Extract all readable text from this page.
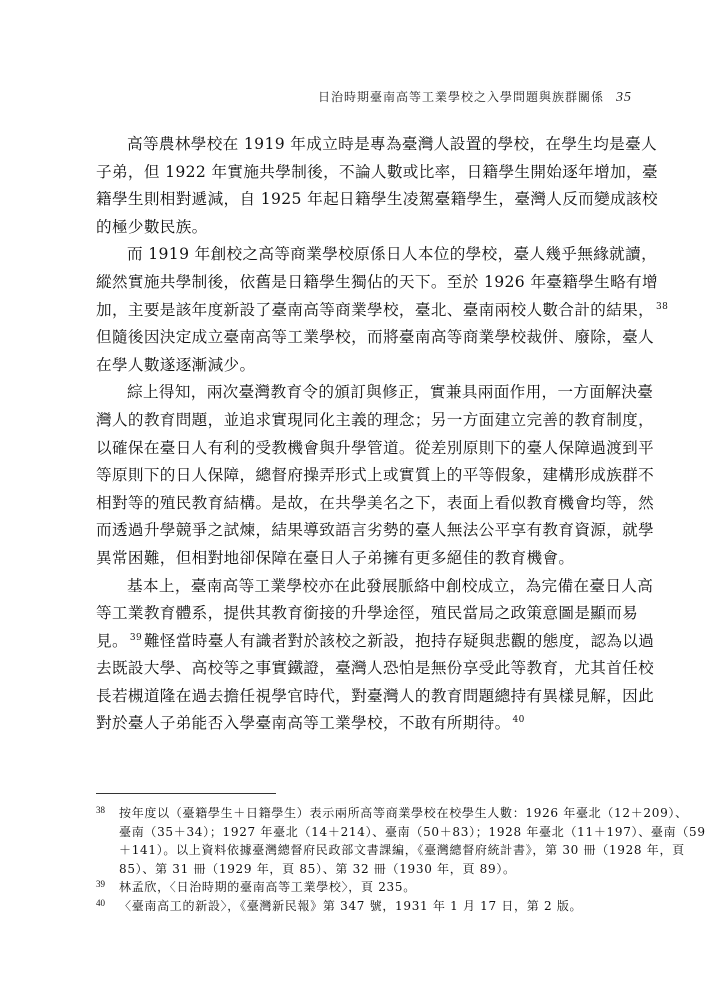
日治時期臺南高等工業學校之入學問題與族群關係 35
高等農林學校在 1919 年成立時是專為臺灣人設置的學校，在學生均是臺人
子弟，但 1922 年實施共學制後，不論人數或比率，日籍學生開始逐年增加，臺
籍學生則相對遞減，自 1925 年起日籍學生凌駕臺籍學生，臺灣人反而變成該校
的極少數民族。
而 1919 年創校之高等商業學校原係日人本位的學校，臺人幾乎無緣就讀，
縱然實施共學制後，依舊是日籍學生獨佔的天下。至於 1926 年臺籍學生略有增
加，主要是該年度新設了臺南高等商業學校，臺北、臺南兩校人數合計的結果， $^{38}$
但隨後因決定成立臺南高等工業學校，而將臺南高等商業學校裁併、廢除，臺人
在學人數遂逐漸減少。
綜上得知，兩次臺灣教育令的頒訂與修正，實兼具兩面作用，一方面解決臺
灣人的教育問題，並追求實現同化主義的理念；另一方面建立完善的教育制度，
以確保在臺日人有利的受教機會與升學管道。從差別原則下的臺人保障過渡到平
等原則下的日人保障，總督府操弄形式上或實質上的平等假象，建構形成族群不
相對等的殖民教育結構。是故，在共學美名之下，表面上看似教育機會均等，然
而透過升學競爭之試煉，結果導致語言劣勢的臺人無法公平享有教育資源，就學
異常困難，但相對地卻保障在臺日人子弟擁有更多絕佳的教育機會。
基本上，臺南高等工業學校亦在此發展脈絡中創校成立，為完備在臺日人高
等工業教育體系，提供其教育銜接的升學途徑，殖民當局之政策意圖是顯而易
見。 $^{39}$ 難怪當時臺人有識者對於該校之新設，抱持存疑與悲觀的態度，認為以過
去既設大學、高校等之事實鐵證，臺灣人恐怕是無份享受此等教育，尤其首任校
長若槻道隆在過去擔任視學官時代，對臺灣人的教育問題總持有異樣見解，因此
對於臺人子弟能否入學臺南高等工業學校，不敢有所期待。 $^{40}$
38 按年度以（臺籍學生＋日籍學生）表示兩所高等商業學校在校學生人數：1926 年臺北（12＋209）、
臺南（35＋34）；1927 年臺北（14＋214）、臺南（50＋83）；1928 年臺北（11＋197）、臺南（59
＋141）。以上資料依據臺灣總督府民政部文書課編，《臺灣總督府統計書》，第 30 冊（1928 年，頁
85）、第 31 冊（1929 年，頁 85）、第 32 冊（1930 年，頁 89）。
39 林孟欣，〈日治時期的臺南高等工業學校〉，頁 235。
40 〈臺南高工的新設〉，《臺灣新民報》第 347 號，1931 年 1 月 17 日，第 2 版。
